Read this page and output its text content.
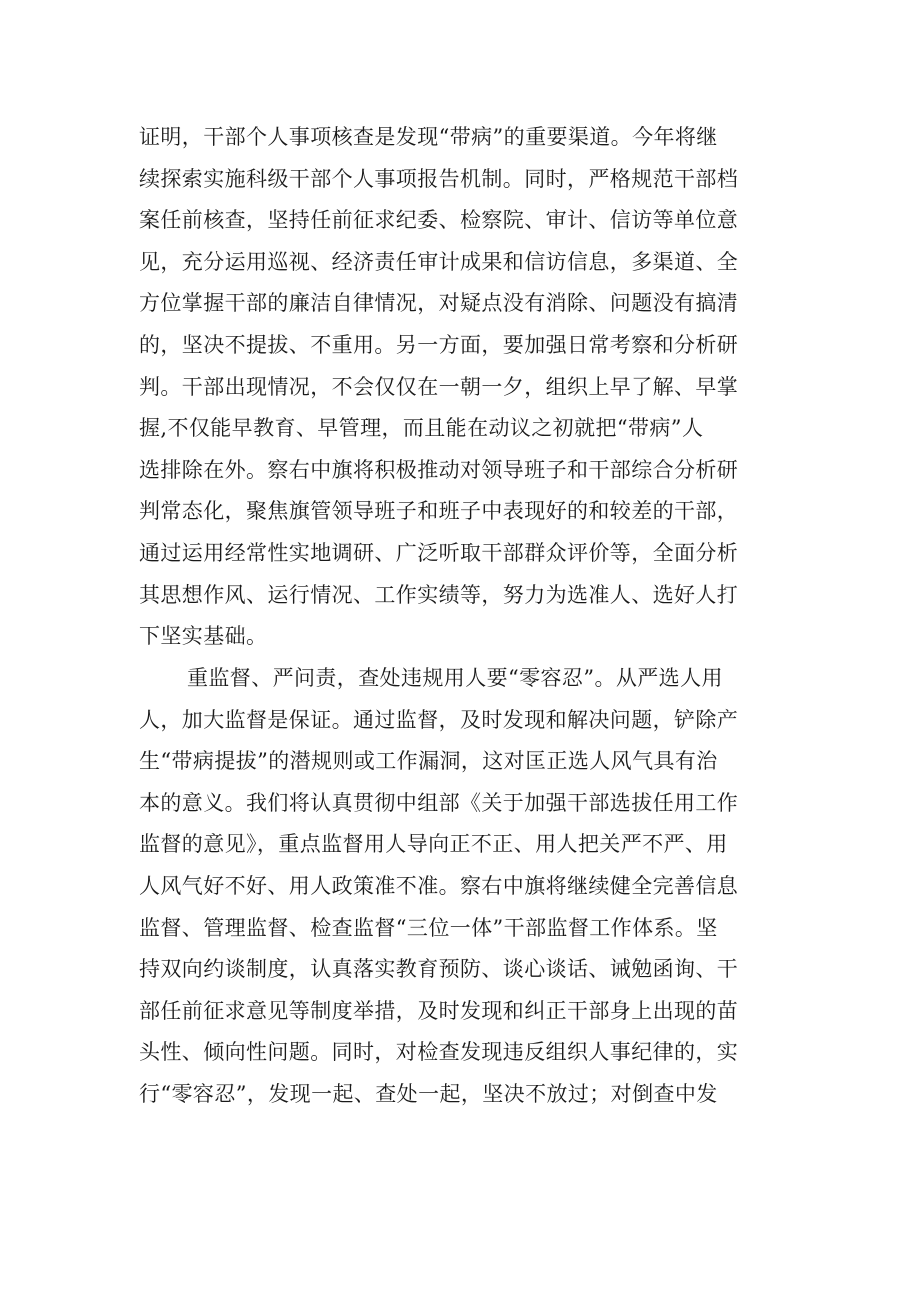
证明，干部个人事项核查是发现“带病”的重要渠道。今年将继
续探索实施科级干部个人事项报告机制。同时，严格规范干部档
案任前核查，坚持任前征求纪委、检察院、审计、信访等单位意
见，充分运用巡视、经济责任审计成果和信访信息，多渠道、全
方位掌握干部的廉洁自律情况，对疑点没有消除、问题没有搞清
的，坚决不提拔、不重用。另一方面，要加强日常考察和分析研
判。干部出现情况，不会仅仅在一朝一夕，组织上早了解、早掌
握,不仅能早教育、早管理，而且能在动议之初就把“带病”人
选排除在外。察右中旗将积极推动对领导班子和干部综合分析研
判常态化，聚焦旗管领导班子和班子中表现好的和较差的干部，
通过运用经常性实地调研、广泛听取干部群众评价等，全面分析
其思想作风、运行情况、工作实绩等，努力为选准人、选好人打
下坚实基础。
重监督、严问责，查处违规用人要“零容忍”。从严选人用
人，加大监督是保证。通过监督，及时发现和解决问题，铲除产
生“带病提拔”的潜规则或工作漏洞，这对匡正选人风气具有治
本的意义。我们将认真贯彻中组部《关于加强干部选拔任用工作
监督的意见》，重点监督用人导向正不正、用人把关严不严、用
人风气好不好、用人政策准不准。察右中旗将继续健全完善信息
监督、管理监督、检查监督“三位一体”干部监督工作体系。坚
持双向约谈制度，认真落实教育预防、谈心谈话、诫勉函询、干
部任前征求意见等制度举措，及时发现和纠正干部身上出现的苗
头性、倾向性问题。同时，对检查发现违反组织人事纪律的，实
行“零容忍”，发现一起、查处一起，坚决不放过；对倒查中发
